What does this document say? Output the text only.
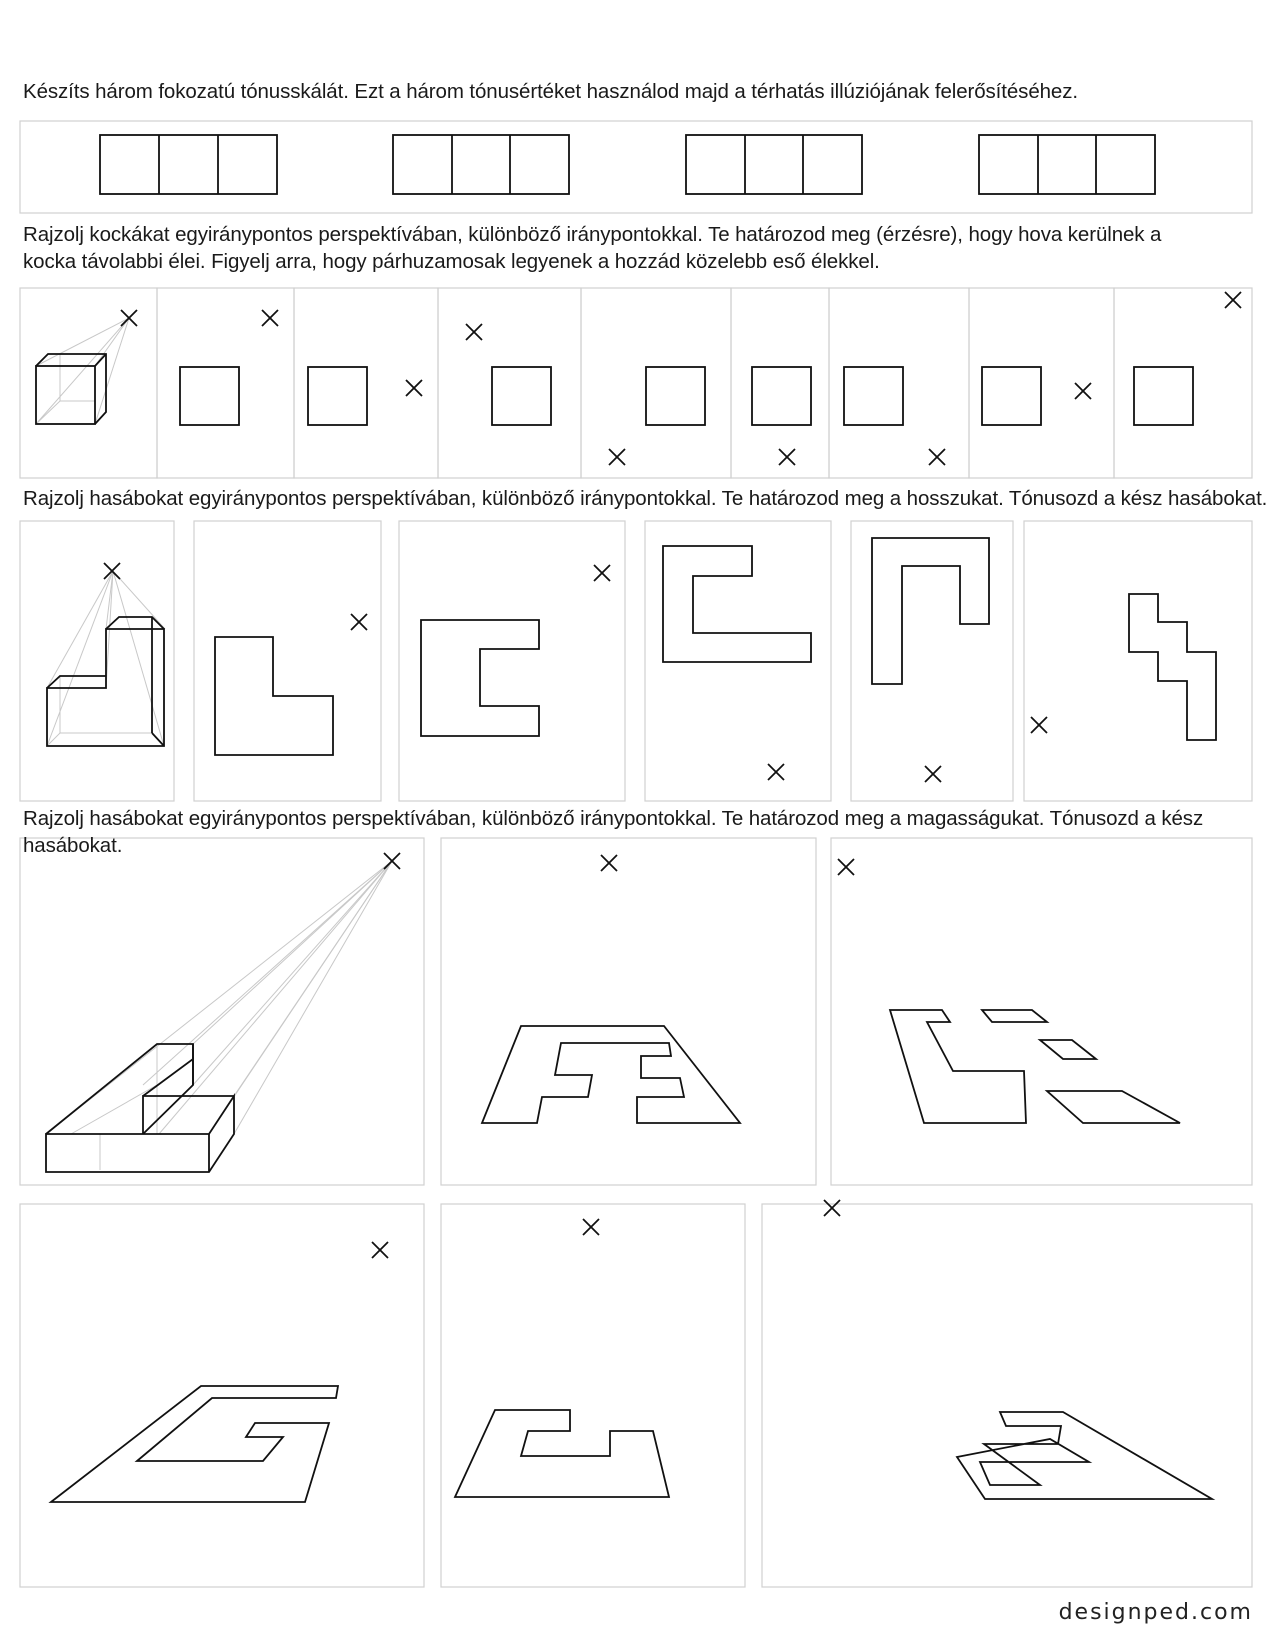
Készíts három fokozatú tónusskálát. Ezt a három tónusértéket használod majd a térhatás illúziójának felerősítéséhez.

Rajzolj kockákat egyiránypontos perspektívában, különböző iránypontokkal. Te határozod meg (érzésre), hogy hova kerülnek a

kocka távolabbi élei. Figyelj arra, hogy párhuzamosak legyenek a hozzád közelebb eső élekkel.

Rajzolj hasábokat egyiránypontos perspektívában, különböző iránypontokkal. Te határozod meg a hosszukat. Tónusozd a kész hasábokat.

Rajzolj hasábokat egyiránypontos perspektívában, különböző iránypontokkal. Te határozod meg a magasságukat. Tónusozd a kész hasábokat.

designped.com
